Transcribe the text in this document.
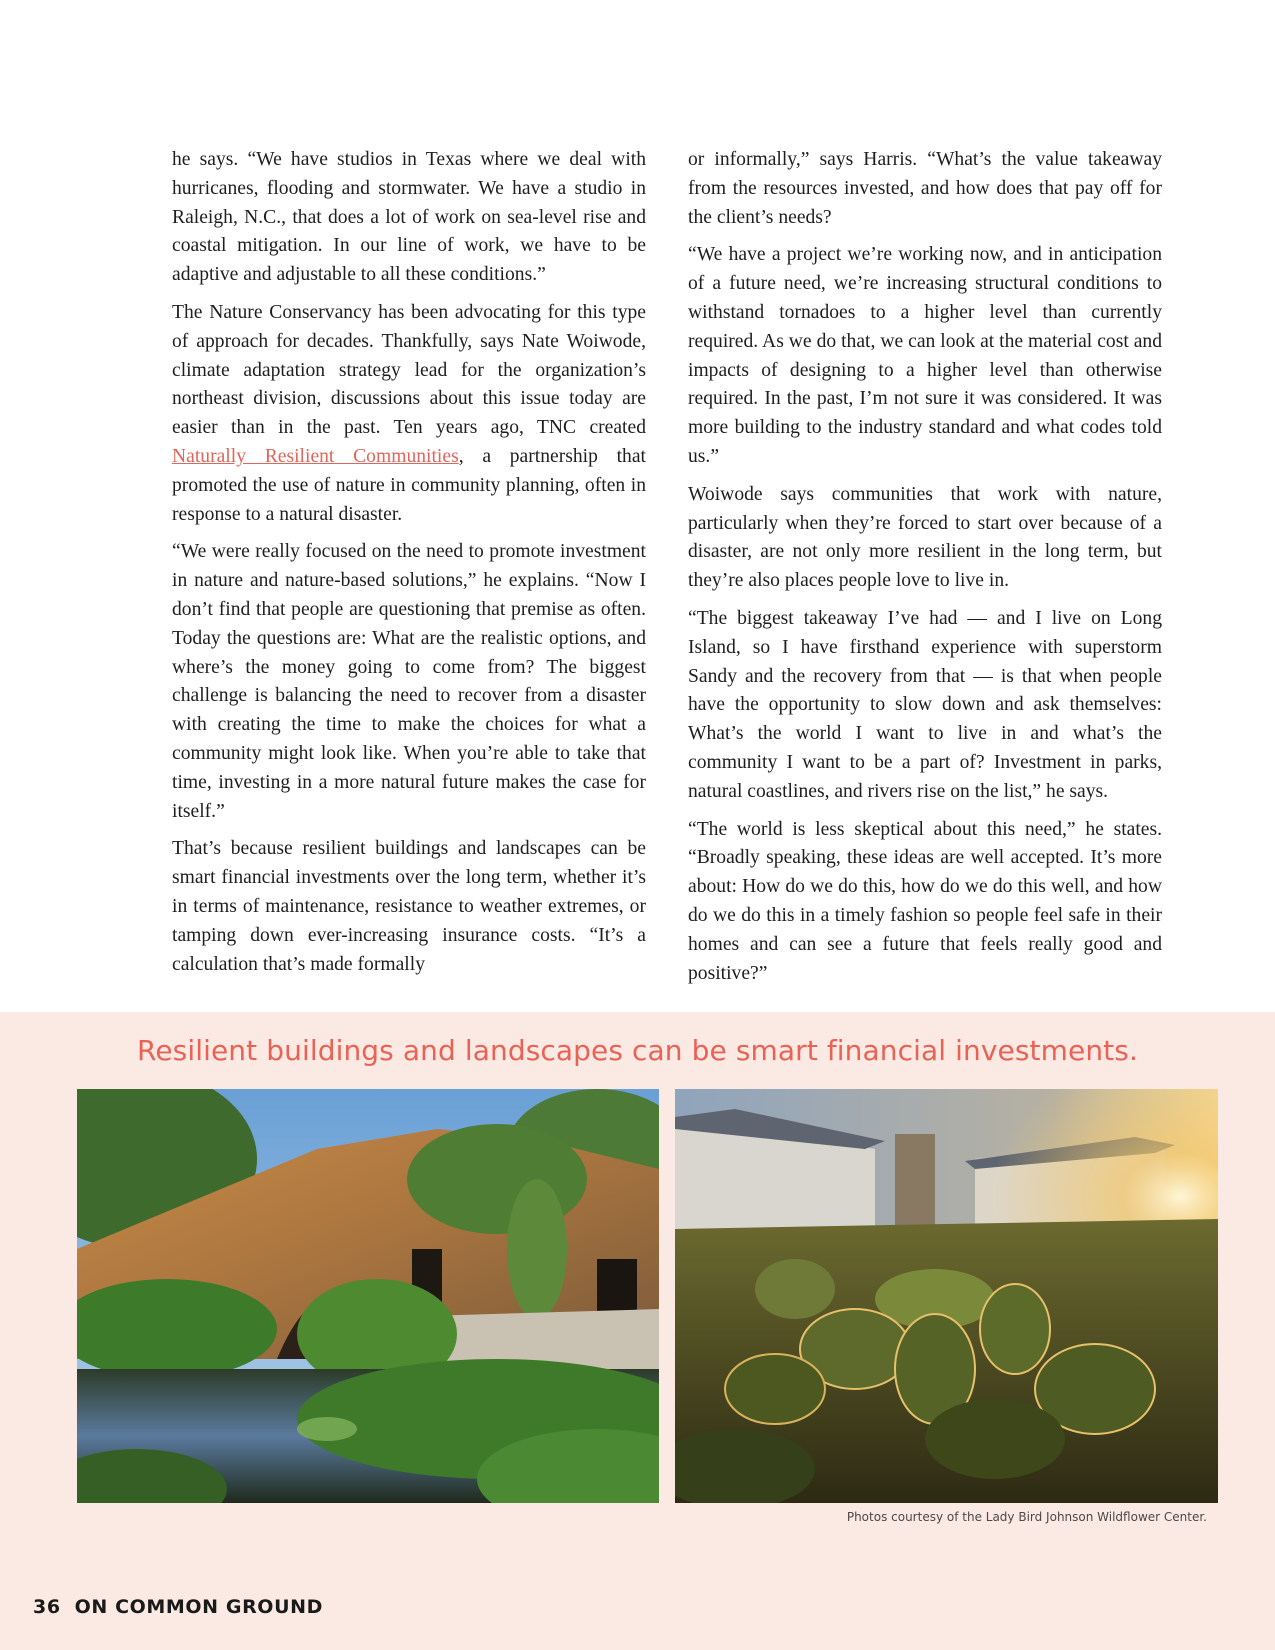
he says. “We have studios in Texas where we deal with hurricanes, flooding and stormwater. We have a studio in Raleigh, N.C., that does a lot of work on sea-level rise and coastal mitigation. In our line of work, we have to be adaptive and adjustable to all these conditions.”

The Nature Conservancy has been advocating for this type of approach for decades. Thankfully, says Nate Woiwode, climate adaptation strategy lead for the organization’s northeast division, discussions about this issue today are easier than in the past. Ten years ago, TNC created Naturally Resilient Communities, a partnership that promoted the use of nature in community planning, often in response to a natural disaster.

“We were really focused on the need to promote investment in nature and nature-based solutions,” he explains. “Now I don’t find that people are questioning that premise as often. Today the questions are: What are the realistic options, and where’s the money going to come from? The biggest challenge is balancing the need to recover from a disaster with creating the time to make the choices for what a community might look like. When you’re able to take that time, investing in a more natural future makes the case for itself.”

That’s because resilient buildings and landscapes can be smart financial investments over the long term, whether it’s in terms of maintenance, resistance to weather extremes, or tamping down ever-increasing insurance costs. “It’s a calculation that’s made formally

or informally,” says Harris. “What’s the value takeaway from the resources invested, and how does that pay off for the client’s needs?

“We have a project we’re working now, and in anticipation of a future need, we’re increasing structural conditions to withstand tornadoes to a higher level than currently required. As we do that, we can look at the material cost and impacts of designing to a higher level than otherwise required. In the past, I’m not sure it was considered. It was more building to the industry standard and what codes told us.”

Woiwode says communities that work with nature, particularly when they’re forced to start over because of a disaster, are not only more resilient in the long term, but they’re also places people love to live in.

“The biggest takeaway I’ve had — and I live on Long Island, so I have firsthand experience with superstorm Sandy and the recovery from that — is that when people have the opportunity to slow down and ask themselves: What’s the world I want to live in and what’s the community I want to be a part of? Investment in parks, natural coastlines, and rivers rise on the list,” he says.

“The world is less skeptical about this need,” he states. “Broadly speaking, these ideas are well accepted. It’s more about: How do we do this, how do we do this well, and how do we do this in a timely fashion so people feel safe in their homes and can see a future that feels really good and positive?”

Resilient buildings and landscapes can be smart financial investments.
Photos courtesy of the Lady Bird Johnson Wildflower Center.
36 ON COMMON GROUND
